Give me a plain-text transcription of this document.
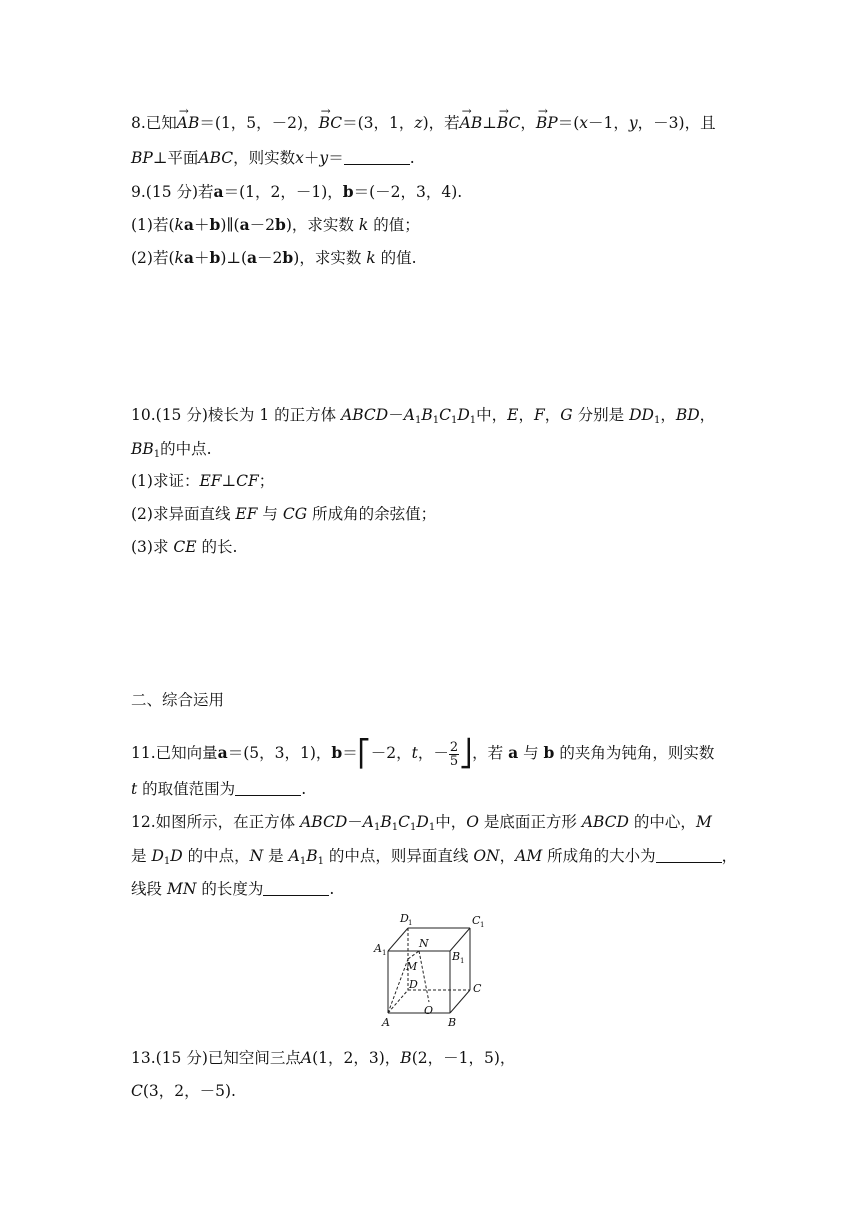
8.已知→ AB＝(1，5，－2)，→ BC＝(3，1，z)，若→ AB⊥→ BC，→ BP＝(x－1，y，－3)，且
BP⊥平面ABC，则实数x＋y＝	.
9.(15 分)若a＝(1，2，－1)，b＝(－2，3，4).
(1)若(ka＋b)∥(a－2b)，求实数 k 的值；
(2)若(ka＋b)⊥(a－2b)，求实数 k 的值.
10.(15 分)棱长为 1 的正方体 $ABCD-A_1B_1C_1D_1$中，E，F，G 分别是 $DD_1$，BD，
$BB_1$的中点.
(1)求证：EF⊥CF；
(2)求异面直线 EF 与 CG 所成角的余弦值；
(3)求 CE 的长.
二、综合运用
11.已知向量a＝(5，3，1)，b＝⎡－2，t，－ $\frac{2}{5}$ ⎦，若 a 与 b 的夹角为钝角，则实数
t 的取值范围为	.
12.如图所示，在正方体 $ABCD-A_1B_1C_1D_1$中，O 是底面正方形 ABCD 的中心，M
是 $D_1D$ 的中点，N 是 $A_1B_1$ 的中点，则异面直线 ON，AM 所成角的大小为	，
线段 MN 的长度为	.
D 1	C 1
A 1	B 1
N
M
D	C
A
O
B
13.(15 分)已知空间三点A(1，2，3)，B(2，－1，5)，
C(3，2，－5).
